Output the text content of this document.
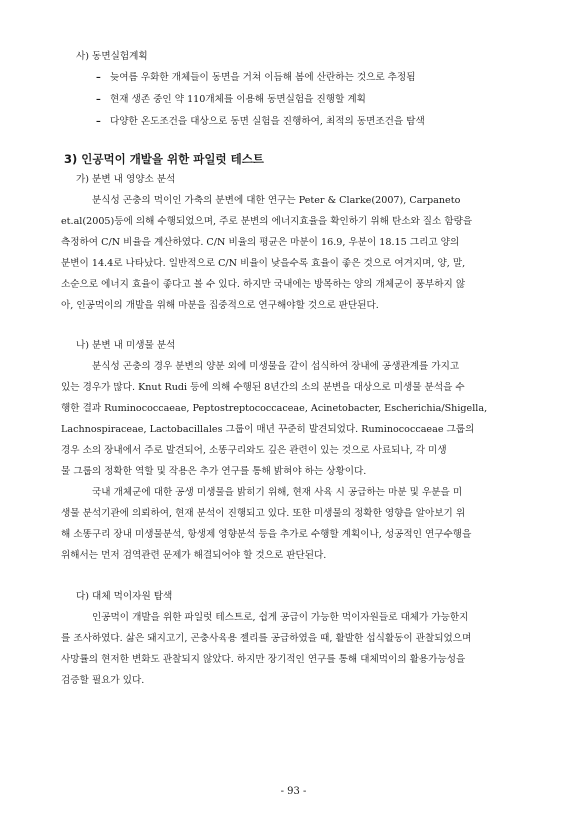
사) 동면실험계획
– 늦여름 우화한 개체들이 동면을 거쳐 이듬해 봄에 산란하는 것으로 추정됨
– 현재 생존 중인 약 110개체를 이용해 동면실험을 진행할 계획
– 다양한 온도조건을 대상으로 동면 실험을 진행하여, 최적의 동면조건을 탐색
3) 인공먹이 개발을 위한 파일럿 테스트
가) 분변 내 영양소 분석
분식성 곤충의 먹이인 가축의 분변에 대한 연구는 Peter & Clarke(2007), Carpaneto
et.al(2005)등에 의해 수행되었으며, 주로 분변의 에너지효율을 확인하기 위해 탄소와 질소 함량을
측정하여 C/N 비율을 계산하였다. C/N 비율의 평균은 마분이 16.9, 우분이 18.15 그리고 양의
분변이 14.4로 나타났다. 일반적으로 C/N 비율이 낮을수록 효율이 좋은 것으로 여겨지며, 양, 말,
소순으로 에너지 효율이 좋다고 볼 수 있다. 하지만 국내에는 방목하는 양의 개체군이 풍부하지 않
아, 인공먹이의 개발을 위해 마분을 집중적으로 연구해야할 것으로 판단된다.
나) 분변 내 미생물 분석
분식성 곤충의 경우 분변의 양분 외에 미생물을 같이 섭식하여 장내에 공생관계를 가지고
있는 경우가 많다. Knut Rudi 등에 의해 수행된 8년간의 소의 분변을 대상으로 미생물 분석을 수
행한 결과 Ruminococcaeae, Peptostreptococcaceae, Acinetobacter, Escherichia/Shigella,
Lachnospiraceae, Lactobacillales 그룹이 매년 꾸준히 발견되었다. Ruminococcaeae 그룹의
경우 소의 장내에서 주로 발견되어, 소똥구리와도 깊은 관련이 있는 것으로 사료되나, 각 미생
물 그룹의 정확한 역할 및 작용은 추가 연구를 통해 밝혀야 하는 상황이다.
국내 개체군에 대한 공생 미생물을 밝히기 위해, 현재 사육 시 공급하는 마분 및 우분을 미
생물 분석기관에 의뢰하여, 현재 분석이 진행되고 있다. 또한 미생물의 정확한 영향을 알아보기 위
해 소똥구리 장내 미생물분석, 항생제 영향분석 등을 추가로 수행할 계획이나, 성공적인 연구수행을
위해서는 먼저 검역관련 문제가 해결되어야 할 것으로 판단된다.
다) 대체 먹이자원 탐색
인공먹이 개발을 위한 파일럿 테스트로, 쉽게 공급이 가능한 먹이자원들로 대체가 가능한지
를 조사하였다. 삶은 돼지고기, 곤충사육용 젤리를 공급하였을 때, 활발한 섭식활동이 관찰되었으며
사망률의 현저한 변화도 관찰되지 않았다. 하지만 장기적인 연구를 통해 대체먹이의 활용가능성을
검증할 필요가 있다.
- 93 -
